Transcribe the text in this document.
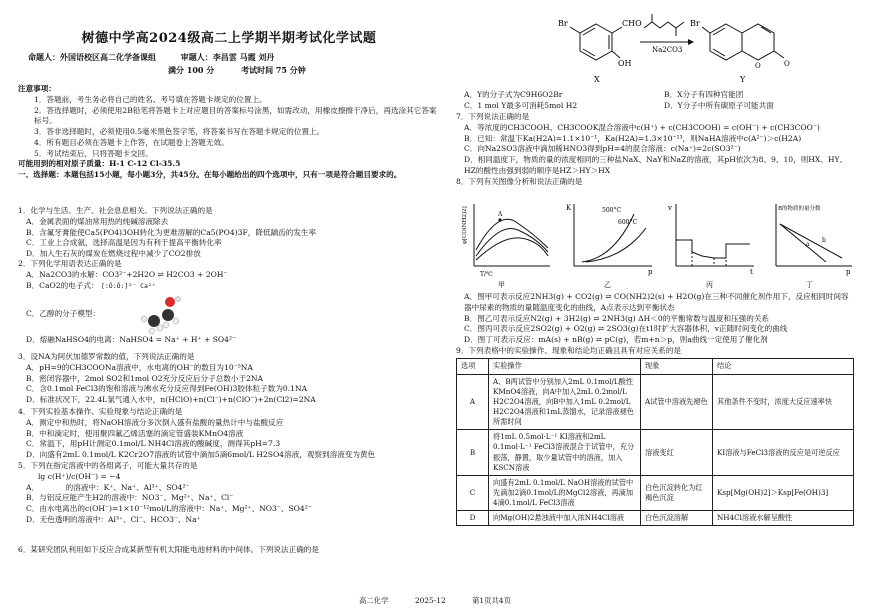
树德中学高2024级高二上学期半期考试化学试题
命题人：外国语校区高二化学备课组	审题人：李昌雲 马霞 刘丹
满分 100 分	考试时间 75 分钟
注意事项：
1．答题前，考生务必将自己的姓名、考号填在答题卡规定的位置上。
2．答选择题时，必须使用2B铅笔将答题卡上对应题目的答案标号涂黑，如需改动，用橡皮擦擦干净后，再选涂其它答案标号。
3．答非选择题时，必须使用0.5毫米黑色签字笔，将答案书写在答题卡规定的位置上。
4．所有题目必须在答题卡上作答，在试题卷上答题无效。
5．考试结束后，只将答题卡交回。
可能用到的相对原子质量：H-1 C-12 Cl-35.5
一、选择题：本题包括15小题，每小题3分，共45分。在每小题给出的四个选项中，只有一项是符合题目要求的。
1．化学与生活、生产、社会息息相关。下列说法正确的是
A．金属表面的煤油常用热的纯碱溶液除去
B．含氟牙膏能使Ca5(PO4)3OH转化为更难溶解的Ca5(PO4)3F，降低龋齿的发生率
C．工业上合成氨，选择高温是因为有利于提高平衡转化率
D．加入生石灰的煤炭在燃烧过程中减少了CO2排放
2．下列化学用语表达正确的是
A．Na2CO3的水解：CO3²⁻+2H2O ⇌ H2CO3 + 2OH⁻
B．CaO2的电子式： [:Ö:Ö:]²⁻ Ca²⁺
C．乙醇的分子模型：
D．熔融NaHSO4的电离：NaHSO4 = Na⁺ + H⁺ + SO4²⁻
3．设NA为阿伏加德罗常数的值，下列说法正确的是
A．pH=9的CH3COONa溶液中，水电离的OH⁻的数目为10⁻⁵NA
B．密闭容器中，2mol SO2和1mol O2充分反应后分子总数小于2NA
C．含0.1mol FeCl3的饱和溶液与沸水充分反应得到Fe(OH)3胶体粒子数为0.1NA
D．标准状况下，22.4L氯气通入水中，n(HClO)+n(Cl⁻)+n(ClO⁻)+2n(Cl2)=2NA
4．下列实验基本操作、实验现象与结论正确的是
A．测定中和热时，将NaOH溶液分多次倒入盛有盐酸的量热计中与盐酸反应
B．中和滴定时，使用聚四氟乙烯活塞的滴定管盛装KMnO4溶液
C．常温下，用pH计测定0.1mol/L NH4Cl溶液的酸碱度，测得其pH=7.3
D．向盛有2mL 0.1mol/L K2Cr2O7溶液的试管中滴加5滴6mol/L H2SO4溶液，观察到溶液变为黄色
5．下列在指定溶液中的各组离子，可能大量共存的是
lg c(H⁺)/c(OH⁻) = −4
A．　　　　的溶液中：K⁺、Na⁺、Al³⁺、SO4²⁻
B．与铝反应能产生H2的溶液中：NO3⁻、Mg²⁺、Na⁺、Cl⁻
C．由水电离出的c(OH⁻)=1×10⁻¹²mol/L的溶液中：Na⁺、Mg²⁺、NO3⁻、SO4²⁻
D．无色透明的溶液中：Al³⁺、Cl⁻、HCO3⁻、Na⁺
6．某研究团队利用如下反应合成某新型有机太阳能电池材料的中间体。下列说法正确的是
Br	CHO
OH
X
Na2CO3
Br
O	O
Y
A．Y的分子式为C9H6O2Br	B．X分子有四种官能团
C．1 mol Y最多可消耗5mol H2	D．Y分子中所有碳原子可能共面
7．下列说法正确的是
A．等浓度的CH3COOH、CH3COOK混合溶液中c(H⁺) + c(CH3COOH) = c(OH⁻) + c(CH3COO⁻)
B．已知：常温下Ka(H2A)=1.1×10⁻¹，Ka(H2A)=1.3×10⁻¹³，则NaHA溶液中c(A²⁻)＞c(H2A)
C．向Na2SO3溶液中滴加稀HNO3得到pH=4的混合溶液：c(Na⁺)=2c(SO3²⁻)
D．相同温度下，物质的量的浓度相同的三种盐NaX、NaY和NaZ的溶液，其pH依次为8、9、10，则HX、HY、HZ的酸性由强到弱的顺序是HZ＞HY＞HX
8．下列有关图像分析和说法正确的是
A
φ[CO(NH2)2]
T/℃
甲
K
p
500°C
600°C
乙
v
t
丙
B的物质的量分数
p
a
b
丁
A．图甲可表示反应2NH3(g) + CO2(g) ⇌ CO(NH2)2(s) + H2O(g)在三种不同催化剂作用下，反应相同时间容器中尿素的物质的量随温度变化的曲线，A点表示达到平衡状态
B．图乙可表示反应N2(g) + 3H2(g) ⇌ 2NH3(g) ΔH＜0的平衡常数与温度和压强的关系
C．图丙可表示反应2SO2(g) + O2(g) ⇌ 2SO3(g)在t1时扩大容器体积，v正随时间变化的曲线
D．图丁可表示反应：mA(s) + nB(g) ⇌ pC(g)，若m+n＞p，则a曲线一定使用了催化剂
9．下列表格中的实验操作、现象和结论均正确且具有对应关系的是
选项	实验操作	现象	结论
A	A、B两试管中分别加入2mL 0.1mol/L酸性KMnO4溶液，向A中加入2mL 0.2mol/L H2C2O4溶液，向B中加入1mL 0.2mol/L H2C2O4溶液和1mL蒸馏水，记录溶液褪色所需时间	A试管中溶液先褪色	其他条件不变时，浓度大反应速率快
B	将1mL 0.5mol·L⁻¹ KI溶液和2mL 0.1mol·L⁻¹ FeCl3溶液混合于试管中，充分振荡，静置，取少量试管中的溶液，加入KSCN溶液	溶液变红	KI溶液与FeCl3溶液的反应是可逆反应
C	向盛有2mL 0.1mol/L NaOH溶液的试管中先滴加2滴0.1mol/L的MgCl2溶液，再滴加4滴0.1mol/L FeCl3溶液	白色沉淀转化为红褐色沉淀	Ksp[Mg(OH)2]＞Ksp[Fe(OH)3]
D	向Mg(OH)2悬浊液中加入浓NH4Cl溶液	白色沉淀溶解	NH4Cl溶液水解呈酸性
高二化学	2025-12	第1页共4页
